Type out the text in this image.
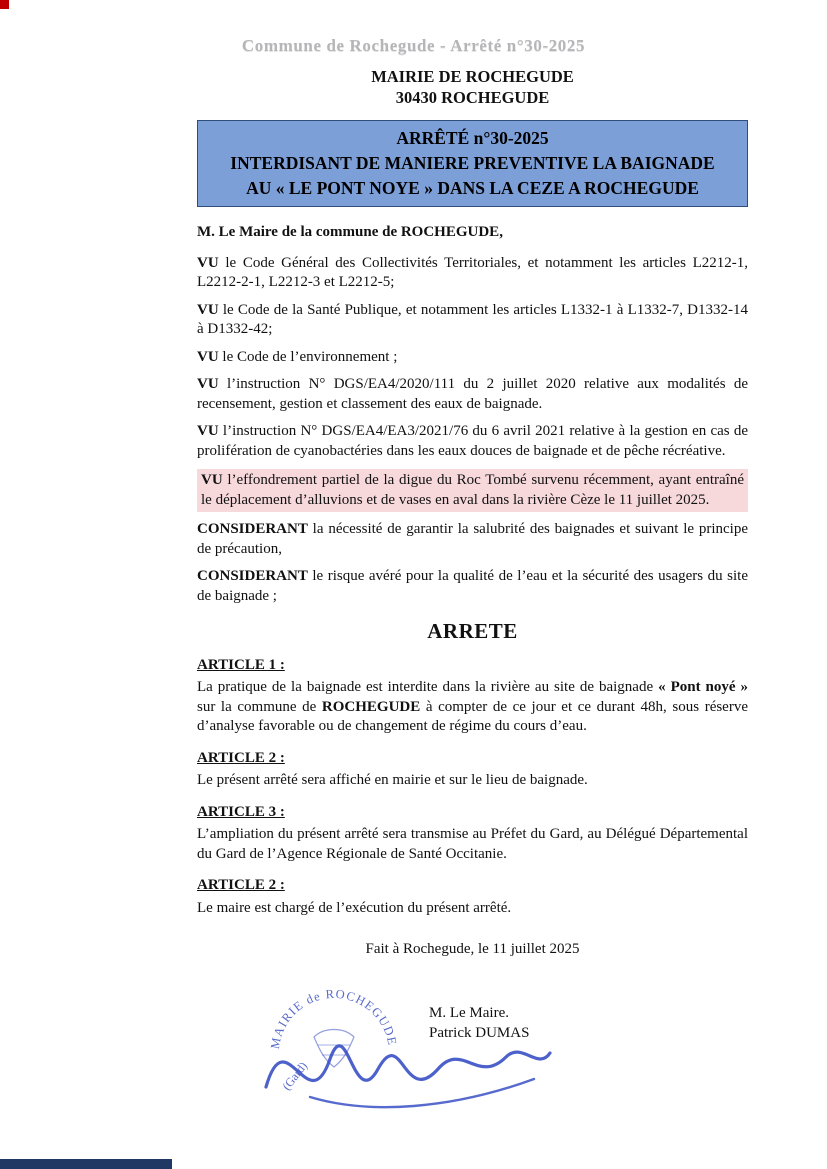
Commune de Rochegude - Arrêté n°30-2025
MAIRIE DE ROCHEGUDE
30430 ROCHEGUDE
ARRÊTÉ n°30-2025
INTERDISANT DE MANIERE PREVENTIVE LA BAIGNADE
AU « LE PONT NOYE » DANS LA CEZE A ROCHEGUDE

M. Le Maire de la commune de ROCHEGUDE,

VU le Code Général des Collectivités Territoriales, et notamment les articles L2212-1, L2212-2-1, L2212-3 et L2212-5;

VU le Code de la Santé Publique, et notamment les articles L1332-1 à L1332-7, D1332-14 à D1332-42;

VU le Code de l’environnement ;

VU l’instruction N° DGS/EA4/2020/111 du 2 juillet 2020 relative aux modalités de recensement, gestion et classement des eaux de baignade.

VU l’instruction N° DGS/EA4/EA3/2021/76 du 6 avril 2021 relative à la gestion en cas de prolifération de cyanobactéries dans les eaux douces de baignade et de pêche récréative.

VU l’effondrement partiel de la digue du Roc Tombé survenu récemment, ayant entraîné le déplacement d’alluvions et de vases en aval dans la rivière Cèze le 11 juillet 2025.

CONSIDERANT la nécessité de garantir la salubrité des baignades et suivant le principe de précaution,

CONSIDERANT le risque avéré pour la qualité de l’eau et la sécurité des usagers du site de baignade ;

ARRETE

ARTICLE 1 :

La pratique de la baignade est interdite dans la rivière au site de baignade « Pont noyé » sur la commune de ROCHEGUDE à compter de ce jour et ce durant 48h, sous réserve d’analyse favorable ou de changement de régime du cours d’eau.

ARTICLE 2 :

Le présent arrêté sera affiché en mairie et sur le lieu de baignade.

ARTICLE 3 :

L’ampliation du présent arrêté sera transmise au Préfet du Gard, au Délégué Départemental du Gard de l’Agence Régionale de Santé Occitanie.

ARTICLE 2 :

Le maire est chargé de l’exécution du présent arrêté.

Fait à Rochegude, le 11 juillet 2025

MAIRIE de ROCHEGUDE
(Gard)
M. Le Maire.
Patrick DUMAS
